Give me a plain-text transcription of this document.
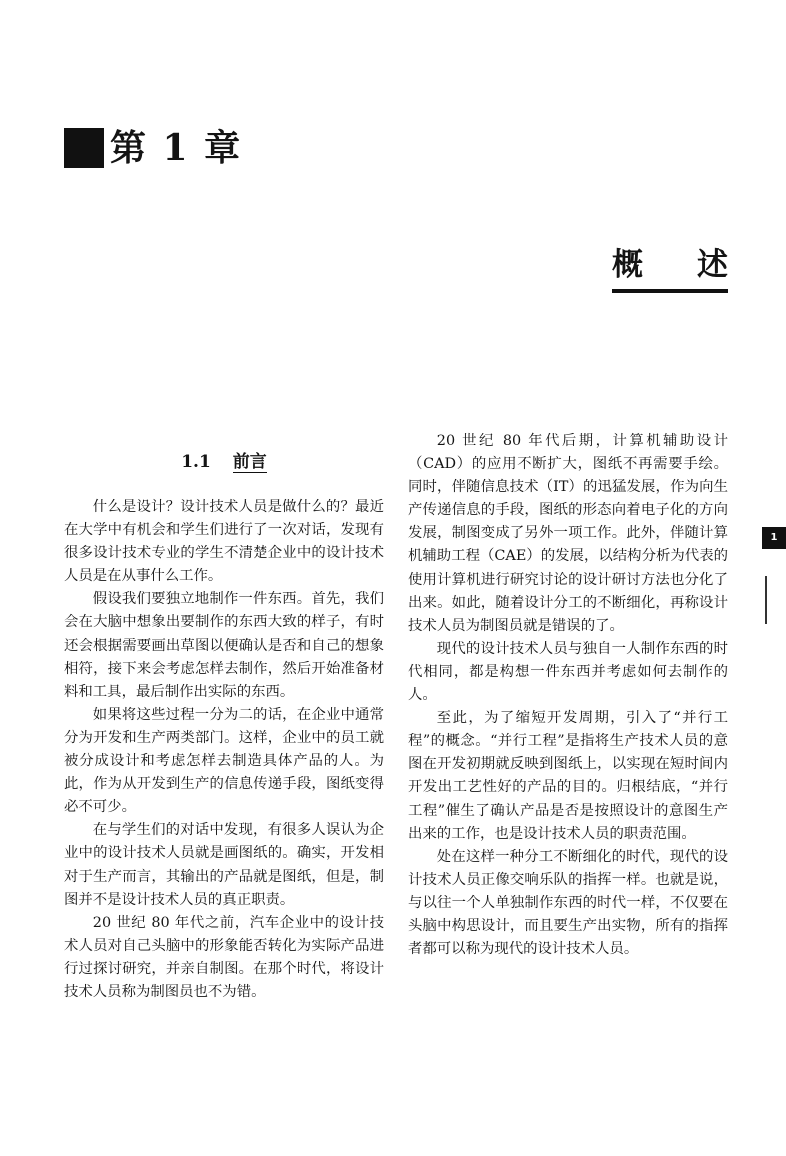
第 1 章
概述
1.1 前言

什么是设计？设计技术人员是做什么的？最近在大学中有机会和学生们进行了一次对话，发现有很多设计技术专业的学生不清楚企业中的设计技术人员是在从事什么工作。

假设我们要独立地制作一件东西。首先，我们会在大脑中想象出要制作的东西大致的样子，有时还会根据需要画出草图以便确认是否和自己的想象相符，接下来会考虑怎样去制作，然后开始准备材料和工具，最后制作出实际的东西。

如果将这些过程一分为二的话，在企业中通常分为开发和生产两类部门。这样，企业中的员工就被分成设计和考虑怎样去制造具体产品的人。为此，作为从开发到生产的信息传递手段，图纸变得必不可少。

在与学生们的对话中发现，有很多人误认为企业中的设计技术人员就是画图纸的。确实，开发相对于生产而言，其输出的产品就是图纸，但是，制图并不是设计技术人员的真正职责。

20 世纪 80 年代之前，汽车企业中的设计技术人员对自己头脑中的形象能否转化为实际产品进行过探讨研究，并亲自制图。在那个时代，将设计技术人员称为制图员也不为错。

20 世纪 80 年代后期，计算机辅助设计（CAD）的应用不断扩大，图纸不再需要手绘。同时，伴随信息技术（IT）的迅猛发展，作为向生产传递信息的手段，图纸的形态向着电子化的方向发展，制图变成了另外一项工作。此外，伴随计算机辅助工程（CAE）的发展，以结构分析为代表的使用计算机进行研究讨论的设计研讨方法也分化了出来。如此，随着设计分工的不断细化，再称设计技术人员为制图员就是错误的了。

现代的设计技术人员与独自一人制作东西的时代相同，都是构想一件东西并考虑如何去制作的人。

至此，为了缩短开发周期，引入了“并行工程”的概念。“并行工程”是指将生产技术人员的意图在开发初期就反映到图纸上，以实现在短时间内开发出工艺性好的产品的目的。归根结底，“并行工程”催生了确认产品是否是按照设计的意图生产出来的工作，也是设计技术人员的职责范围。

处在这样一种分工不断细化的时代，现代的设计技术人员正像交响乐队的指挥一样。也就是说，与以往一个人单独制作东西的时代一样，不仅要在头脑中构思设计，而且要生产出实物，所有的指挥者都可以称为现代的设计技术人员。

1
